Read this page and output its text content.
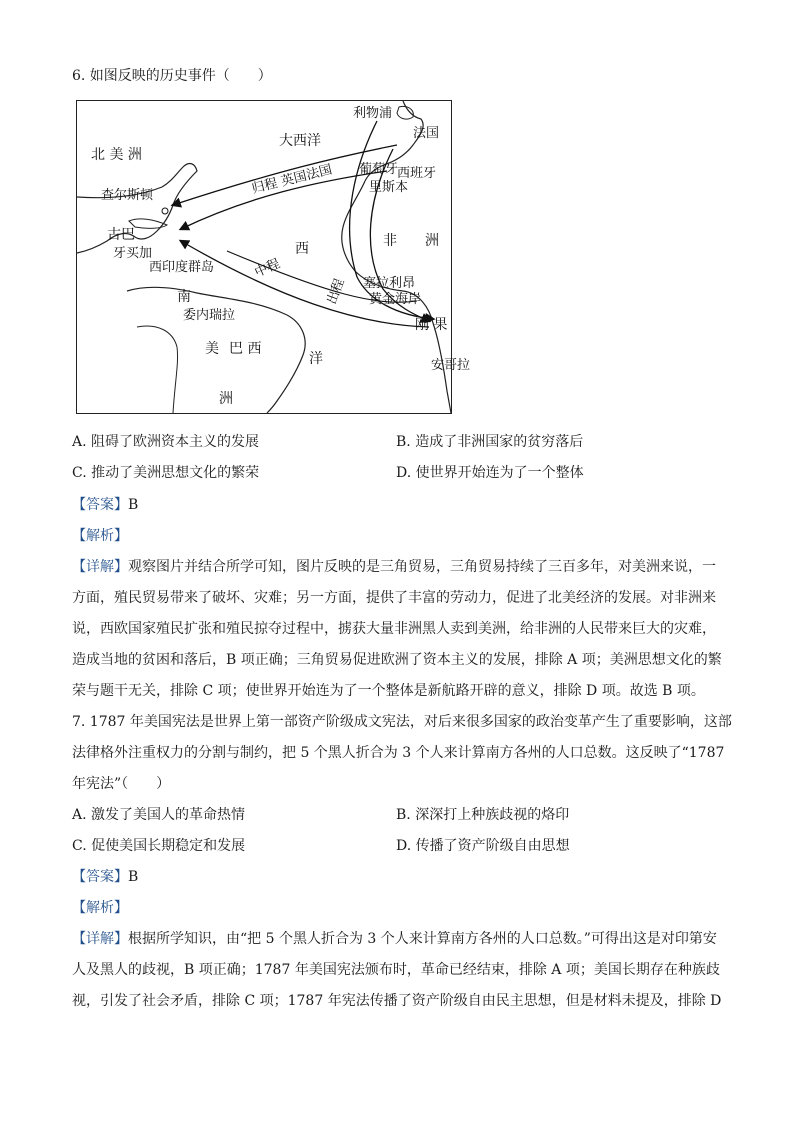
6. 如图反映的历史事件（　　）
北 美 洲
大西洋
利物浦
法国
葡萄牙
西班牙
里斯本
查尔斯顿	归程 英国法国
古巴
牙买加
西印度群岛
西	非 洲
中程
出程 塞拉利昂
黄金海岸
南
委内瑞拉
美 巴 西
洋
刚 果
安哥拉
洲
A. 阻碍了欧洲资本主义的发展	B. 造成了非洲国家的贫穷落后
C. 推动了美洲思想文化的繁荣	D. 使世界开始连为了一个整体
【答案】B
【解析】
【详解】观察图片并结合所学可知，图片反映的是三角贸易，三角贸易持续了三百多年，对美洲来说，一
方面，殖民贸易带来了破坏、灾难；另一方面，提供了丰富的劳动力，促进了北美经济的发展。对非洲来
说，西欧国家殖民扩张和殖民掠夺过程中，掳获大量非洲黑人卖到美洲，给非洲的人民带来巨大的灾难，
造成当地的贫困和落后，B 项正确；三角贸易促进欧洲了资本主义的发展，排除 A 项；美洲思想文化的繁
荣与题干无关，排除 C 项；使世界开始连为了一个整体是新航路开辟的意义，排除 D 项。故选 B 项。
7. 1787 年美国宪法是世界上第一部资产阶级成文宪法，对后来很多国家的政治变革产生了重要影响，这部
法律格外注重权力的分割与制约，把 5 个黑人折合为 3 个人来计算南方各州的人口总数。这反映了“1787
年宪法”（　　）
A. 激发了美国人的革命热情	B. 深深打上种族歧视的烙印
C. 促使美国长期稳定和发展	D. 传播了资产阶级自由思想
【答案】B
【解析】
【详解】根据所学知识，由“把 5 个黑人折合为 3 个人来计算南方各州的人口总数。”可得出这是对印第安
人及黑人的歧视，B 项正确；1787 年美国宪法颁布时，革命已经结束，排除 A 项；美国长期存在种族歧
视，引发了社会矛盾，排除 C 项；1787 年宪法传播了资产阶级自由民主思想，但是材料未提及，排除 D
